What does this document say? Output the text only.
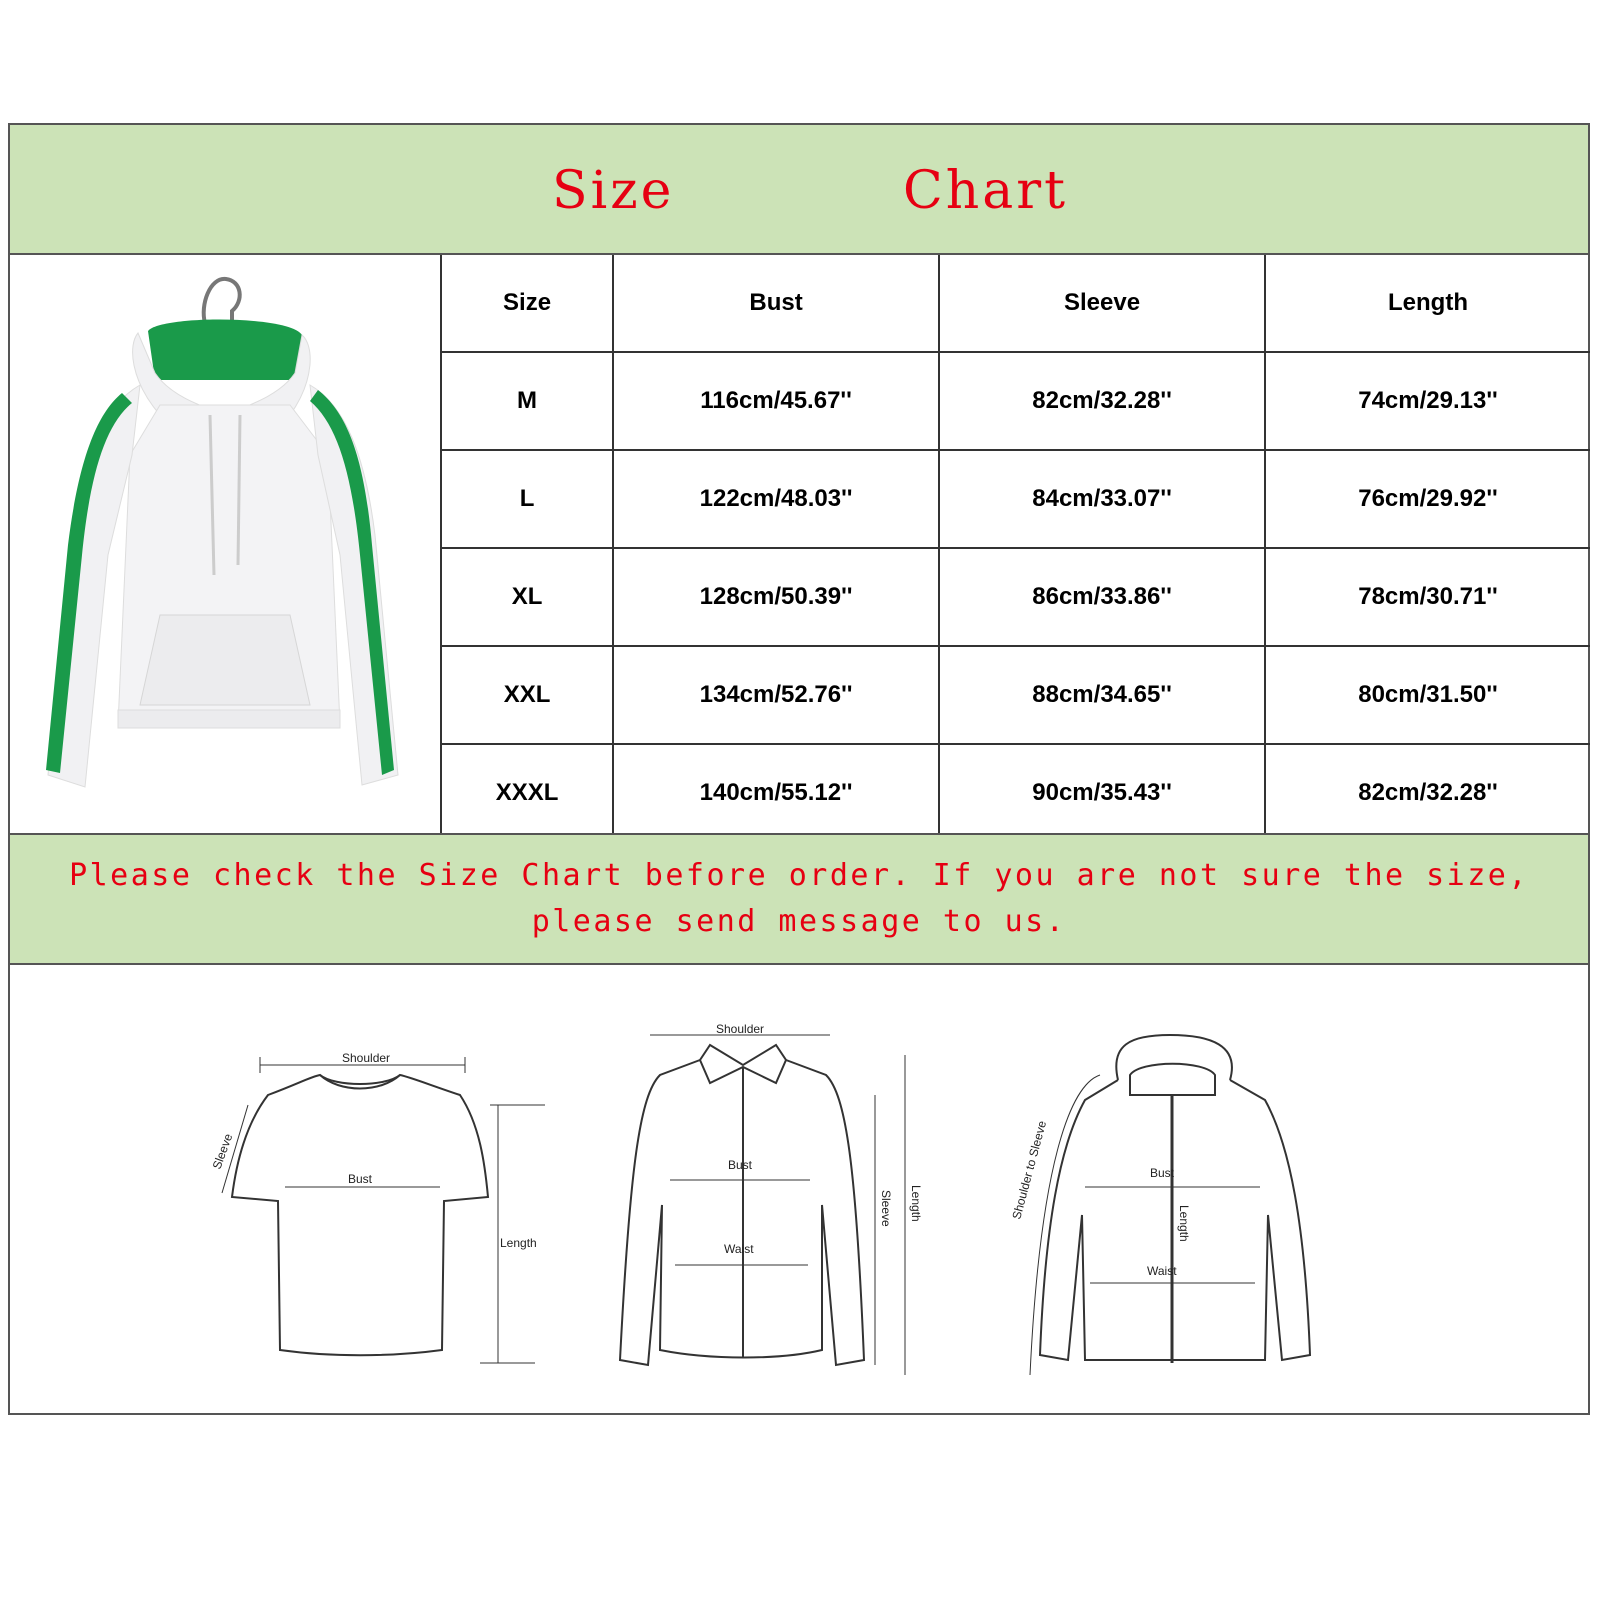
Size	Chart
Size	Bust	Sleeve	Length
M	116cm/45.67''	82cm/32.28''	74cm/29.13''
L	122cm/48.03''	84cm/33.07''	76cm/29.92''
XL	128cm/50.39''	86cm/33.86''	78cm/30.71''
XXL	134cm/52.76''	88cm/34.65''	80cm/31.50''
XXXL	140cm/55.12''	90cm/35.43''	82cm/32.28''
Please check the Size Chart before order. If you are not sure the size,
please send message to us.
Shoulder
Sleeve
Bust
Length
Shoulder
Bust
Waist
Sleeve Length	Shoulder to Sleeve	Bust
Length
Waist
